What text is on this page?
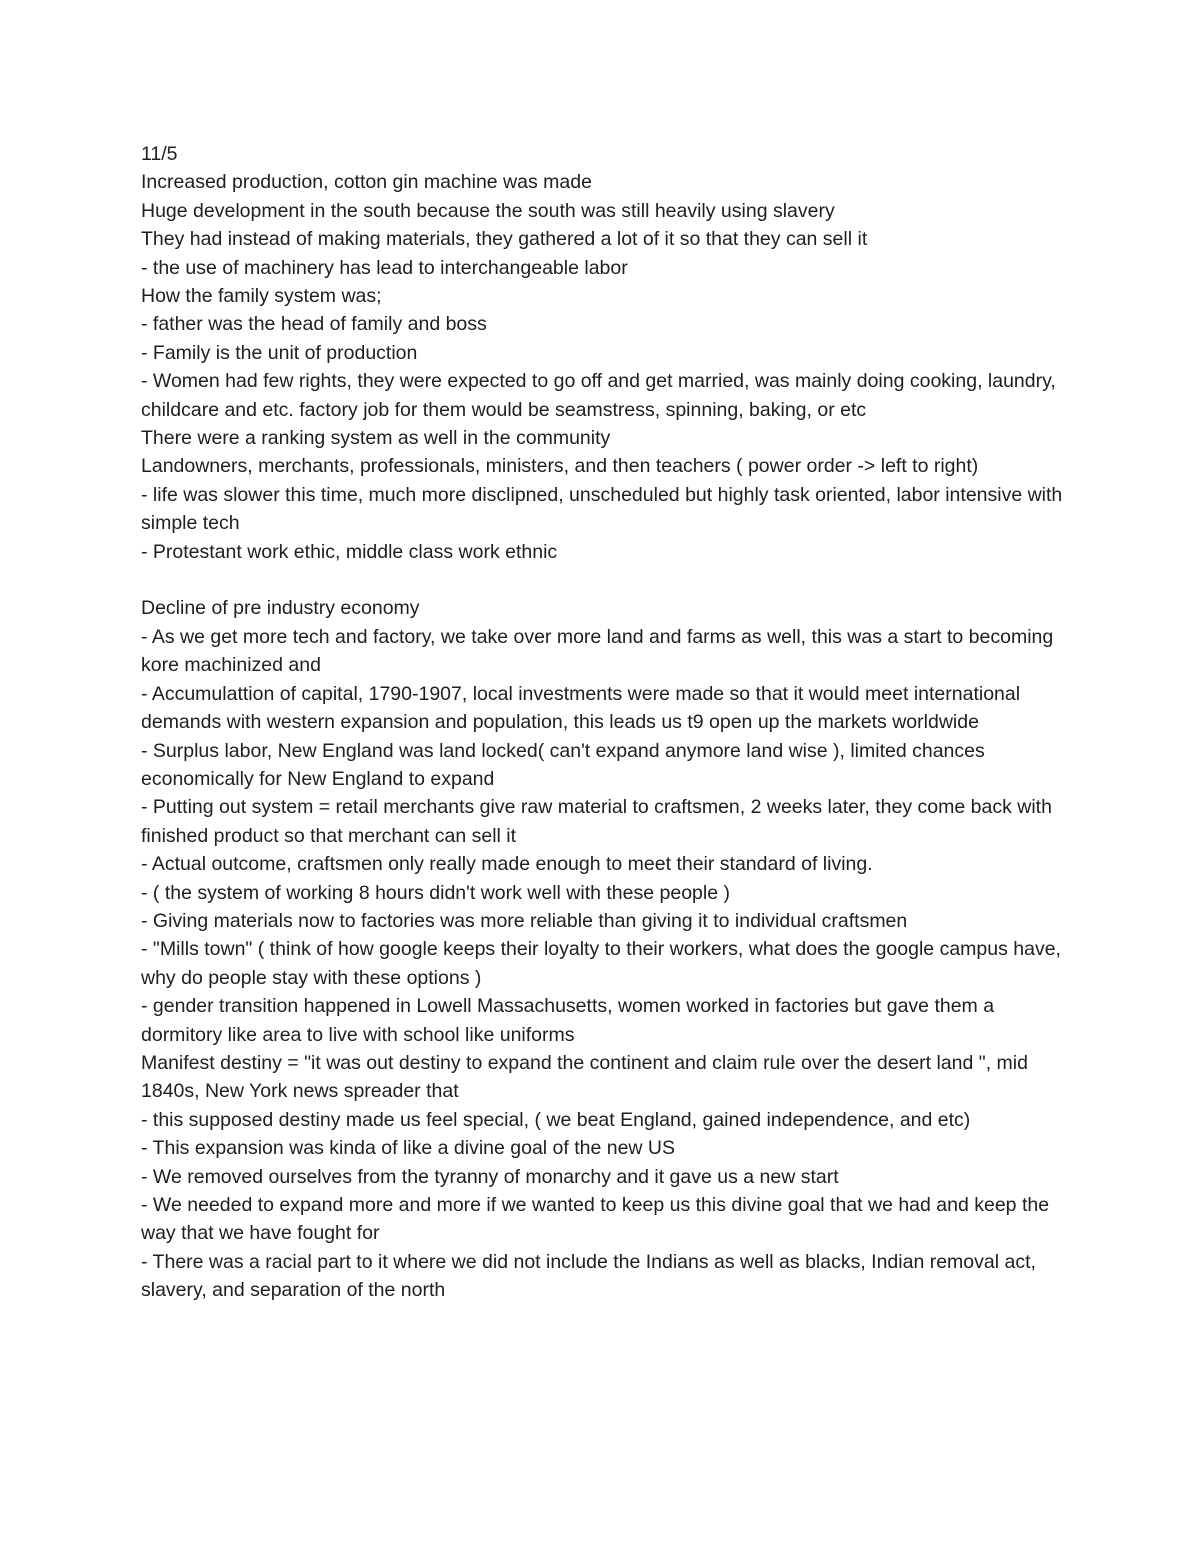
11/5

Increased production, cotton gin machine was made

Huge development in the south because the south was still heavily using slavery

They had instead of making materials, they gathered a lot of it so that they can sell it

- the use of machinery has lead to interchangeable labor

How the family system was;

- father was the head of family and boss

- Family is the unit of production

- Women had few rights, they were expected to go off and get married, was mainly doing cooking, laundry, childcare and etc. factory job for them would be seamstress, spinning, baking, or etc

There were a ranking system as well in the community

Landowners, merchants, professionals, ministers, and then teachers ( power order -> left to right)

- life was slower this time, much more disclipned, unscheduled but highly task oriented, labor intensive with simple tech

- Protestant work ethic, middle class work ethnic

Decline of pre industry economy

- As we get more tech and factory, we take over more land and farms as well, this was a start to becoming kore machinized and

- Accumulattion of capital, 1790-1907, local investments were made so that it would meet international demands with western expansion and population, this leads us t9 open up the markets worldwide

- Surplus labor, New England was land locked( can't expand anymore land wise ), limited chances economically for New England to expand

- Putting out system = retail merchants give raw material to craftsmen, 2 weeks later, they come back with finished product so that merchant can sell it

- Actual outcome, craftsmen only really made enough to meet their standard of living.

- ( the system of working 8 hours didn't work well with these people )

- Giving materials now to factories was more reliable than giving it to individual craftsmen

- "Mills town" ( think of how google keeps their loyalty to their workers, what does the google campus have, why do people stay with these options )

- gender transition happened in Lowell Massachusetts, women worked in factories but gave them a dormitory like area to live with school like uniforms

Manifest destiny = "it was out destiny to expand the continent and claim rule over the desert land ", mid 1840s, New York news spreader that

- this supposed destiny made us feel special, ( we beat England, gained independence, and etc)

- This expansion was kinda of like a divine goal of the new US

- We removed ourselves from the tyranny of monarchy and it gave us a new start

- We needed to expand more and more if we wanted to keep us this divine goal that we had and keep the way that we have fought for

- There was a racial part to it where we did not include the Indians as well as blacks, Indian removal act, slavery, and separation of the north
